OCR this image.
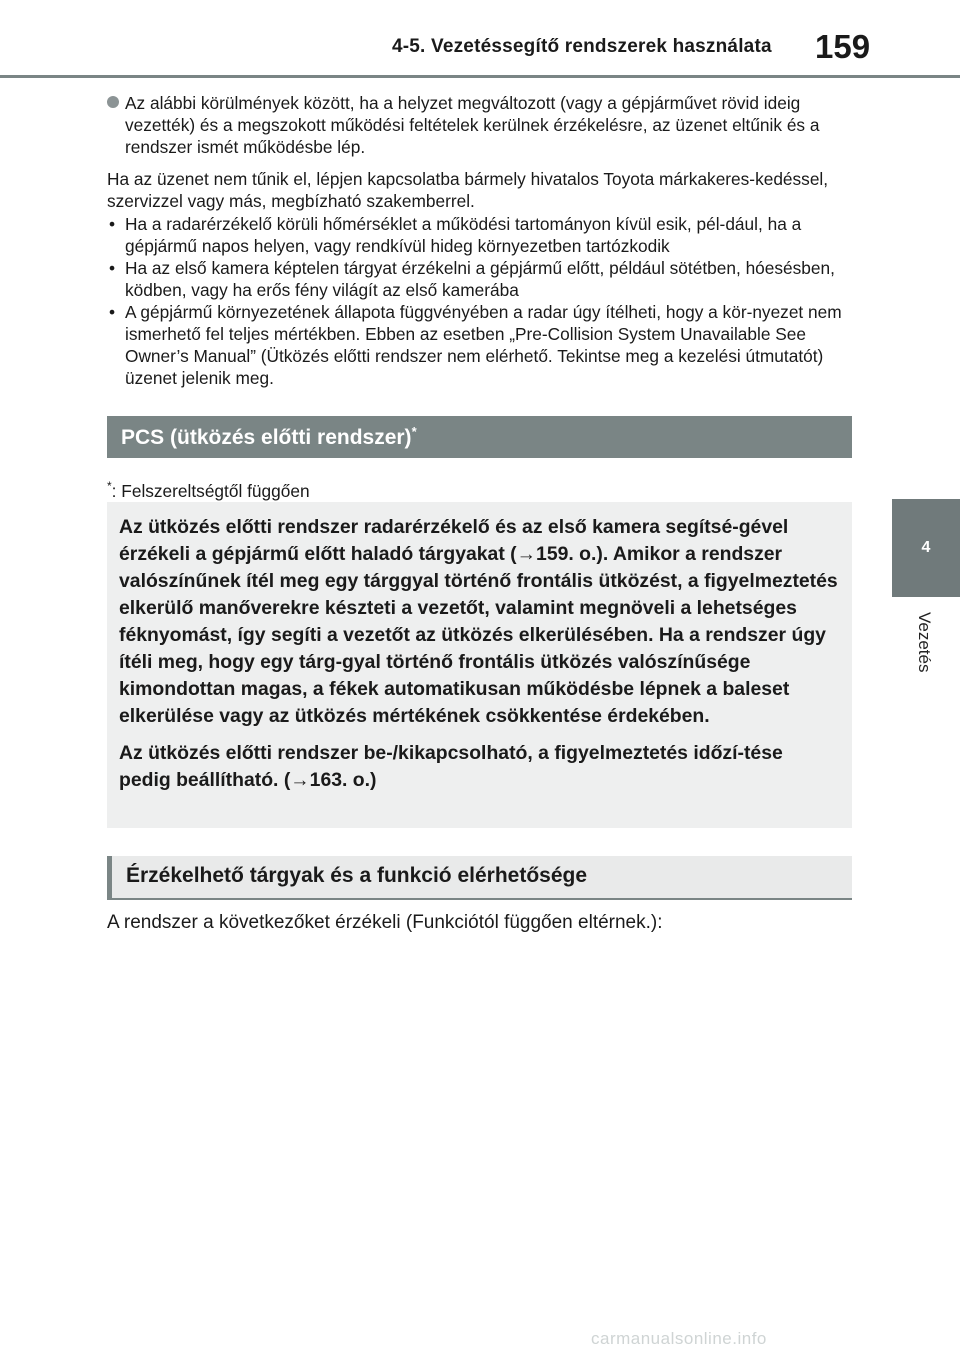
4-5. Vezetéssegítő rendszerek használata 159
4
Vezetés

Az alábbi körülmények között, ha a helyzet megváltozott (vagy a gépjárművet rövid ideig vezették) és a megszokott működési feltételek kerülnek érzékelésre, az üzenet eltűnik és a rendszer ismét működésbe lép.

Ha az üzenet nem tűnik el, lépjen kapcsolatba bármely hivatalos Toyota márkakeres-kedéssel, szervizzel vagy más, megbízható szakemberrel.

• Ha a radarérzékelő körüli hőmérséklet a működési tartományon kívül esik, pél-dául, ha a gépjármű napos helyen, vagy rendkívül hideg környezetben tartózkodik
• Ha az első kamera képtelen tárgyat érzékelni a gépjármű előtt, például sötétben, hóesésben, ködben, vagy ha erős fény világít az első kamerába
• A gépjármű környezetének állapota függvényében a radar úgy ítélheti, hogy a kör-nyezet nem ismerhető fel teljes mértékben. Ebben az esetben „Pre-Collision System Unavailable See Owner’s Manual” (Ütközés előtti rendszer nem elérhető. Tekintse meg a kezelési útmutatót) üzenet jelenik meg.
PCS (ütközés előtti rendszer)*

*: Felszereltségtől függően

Az ütközés előtti rendszer radarérzékelő és az első kamera segítsé-gével érzékeli a gépjármű előtt haladó tárgyakat (→159. o.). Amikor a rendszer valószínűnek ítél meg egy tárggyal történő frontális ütközést, a figyelmeztetés elkerülő manőverekre készteti a vezetőt, valamint megnöveli a lehetséges féknyomást, így segíti a vezetőt az ütközés elkerülésében. Ha a rendszer úgy ítéli meg, hogy egy tárg-gyal történő frontális ütközés valószínűsége kimondottan magas, a fékek automatikusan működésbe lépnek a baleset elkerülése vagy az ütközés mértékének csökkentése érdekében.

Az ütközés előtti rendszer be-/kikapcsolható, a figyelmeztetés időzí-tése pedig beállítható. (→163. o.)

Érzékelhető tárgyak és a funkció elérhetősége

A rendszer a következőket érzékeli (Funkciótól függően eltérnek.):

carmanualsonline.info
